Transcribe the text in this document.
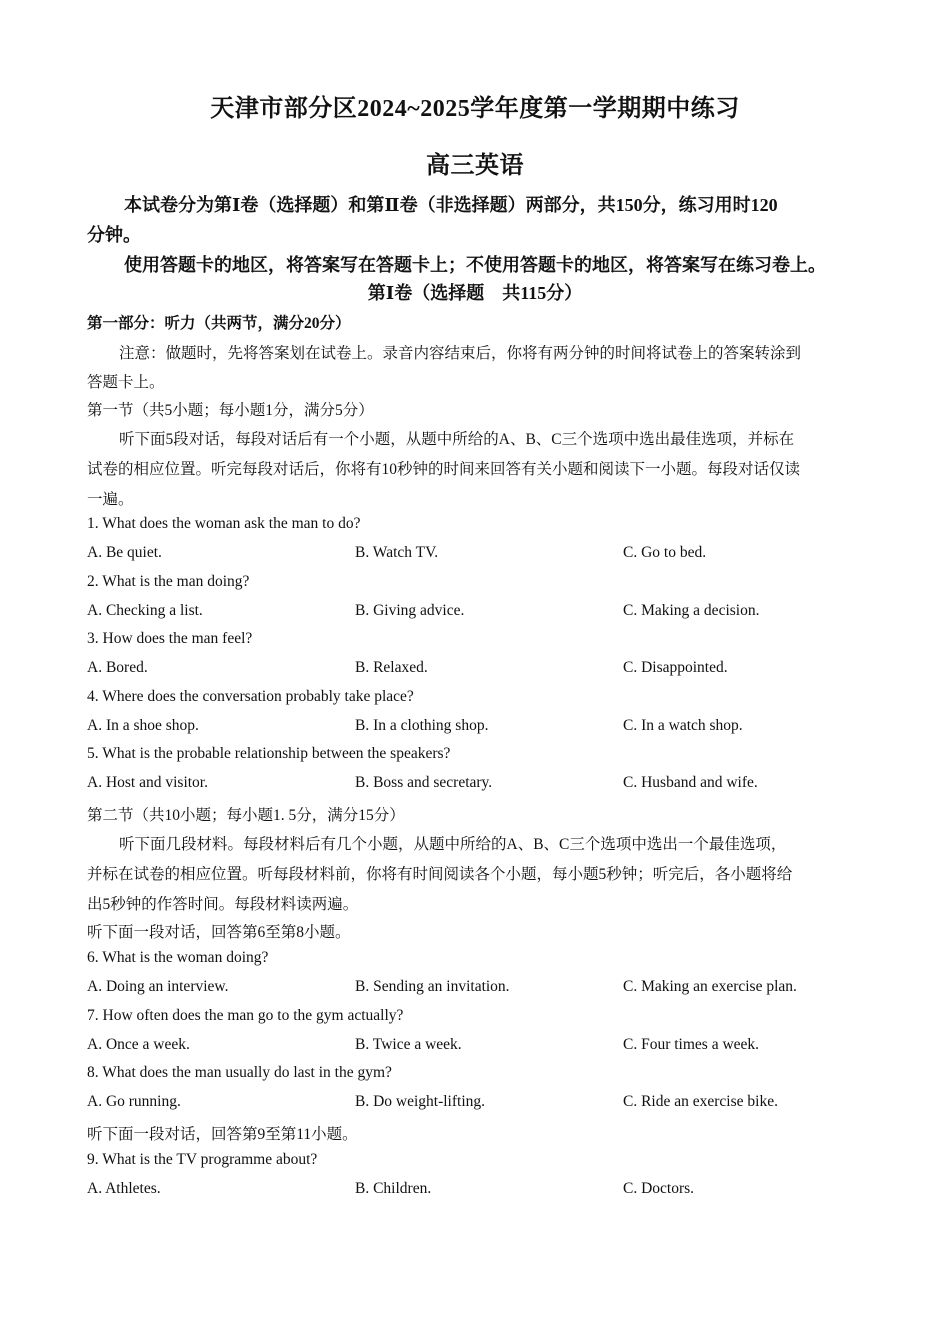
天津市部分区2024~2025学年度第一学期期中练习
高三英语
本试卷分为第Ⅰ卷（选择题）和第Ⅱ卷（非选择题）两部分，共150分，练习用时120
分钟。
使用答题卡的地区，将答案写在答题卡上；不使用答题卡的地区，将答案写在练习卷上。
第Ⅰ卷（选择题　共115分）
第一部分：听力（共两节，满分20分）
注意：做题时，先将答案划在试卷上。录音内容结束后，你将有两分钟的时间将试卷上的答案转涂到
答题卡上。
第一节（共5小题；每小题1分，满分5分）
听下面5段对话，每段对话后有一个小题，从题中所给的A、B、C三个选项中选出最佳选项，并标在
试卷的相应位置。听完每段对话后，你将有10秒钟的时间来回答有关小题和阅读下一小题。每段对话仅读
一遍。
1. What does the woman ask the man to do?
A. Be quiet.	B. Watch TV.	C. Go to bed.
2. What is the man doing?
A. Checking a list.	B. Giving advice.	C. Making a decision.
3. How does the man feel?
A. Bored.	B. Relaxed.	C. Disappointed.
4. Where does the conversation probably take place?
A. In a shoe shop.	B. In a clothing shop.	C. In a watch shop.
5. What is the probable relationship between the speakers?
A. Host and visitor.	B. Boss and secretary.	C. Husband and wife.
第二节（共10小题；每小题1. 5分，满分15分）
听下面几段材料。每段材料后有几个小题，从题中所给的A、B、C三个选项中选出一个最佳选项，
并标在试卷的相应位置。听每段材料前，你将有时间阅读各个小题，每小题5秒钟；听完后，各小题将给
出5秒钟的作答时间。每段材料读两遍。
听下面一段对话，回答第6至第8小题。
6. What is the woman doing?
A. Doing an interview.	B. Sending an invitation.	C. Making an exercise plan.
7. How often does the man go to the gym actually?
A. Once a week.	B. Twice a week.	C. Four times a week.
8. What does the man usually do last in the gym?
A. Go running.	B. Do weight-lifting.	C. Ride an exercise bike.
听下面一段对话，回答第9至第11小题。
9. What is the TV programme about?
A. Athletes.	B. Children.	C. Doctors.
